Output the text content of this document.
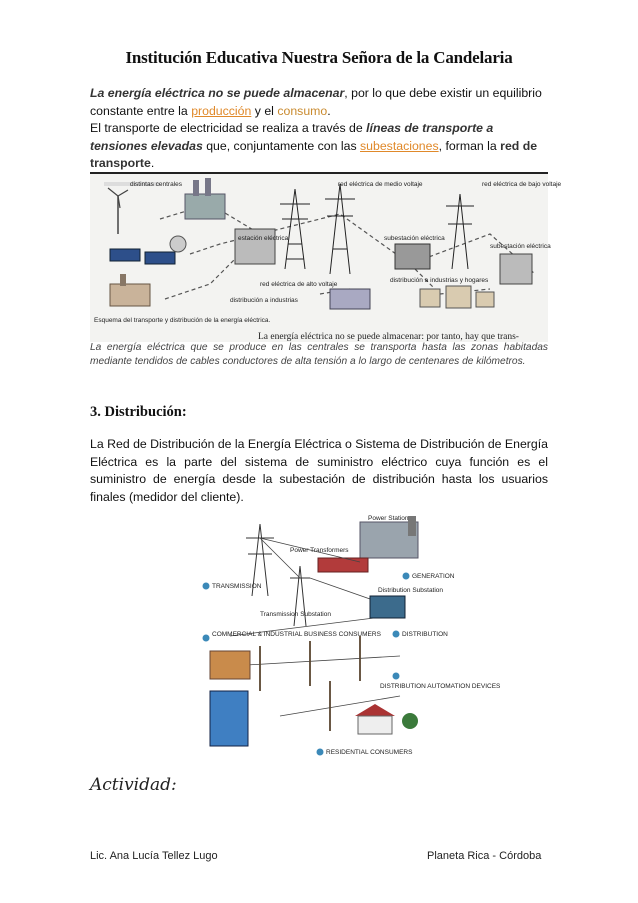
Institución Educativa Nuestra Señora de la Candelaria
La energía eléctrica no se puede almacenar, por lo que debe existir un equilibrio constante entre la producción y el consumo.
El transporte de electricidad se realiza a través de líneas de transporte a tensiones elevadas que, conjuntamente con las subestaciones, forman la red de transporte.
estación eléctrica
distintas centrales	red eléctrica de medio voltaje	red eléctrica de bajo voltaje
red eléctrica de alto voltaje
subestación eléctrica
distribución a industrias y hogares
subestación eléctrica
distribución a industrias
Esquema del transporte y distribución de la energía eléctrica.
La energía eléctrica no se puede almacenar: por tanto, hay que trans-
La energía eléctrica que se produce en las centrales se transporta hasta las zonas habitadas mediante tendidos de cables conductores de alta tensión a lo largo de centenares de kilómetros.
3. Distribución:
La Red de Distribución de la Energía Eléctrica o Sistema de Distribución de Energía Eléctrica es la parte del sistema de suministro eléctrico cuya función es el suministro de energía desde la subestación de distribución hasta los usuarios finales (medidor del cliente).
Power Station
Power Transformers
Transmission Substation
Distribution Substation
TRANSMISSION
GENERATION
COMMERCIAL & INDUSTRIAL BUSINESS CONSUMERS	DISTRIBUTION
DISTRIBUTION AUTOMATION DEVICES
RESIDENTIAL CONSUMERS
Actividad:
Lic. Ana Lucía Tellez Lugo	Planeta Rica - Córdoba
